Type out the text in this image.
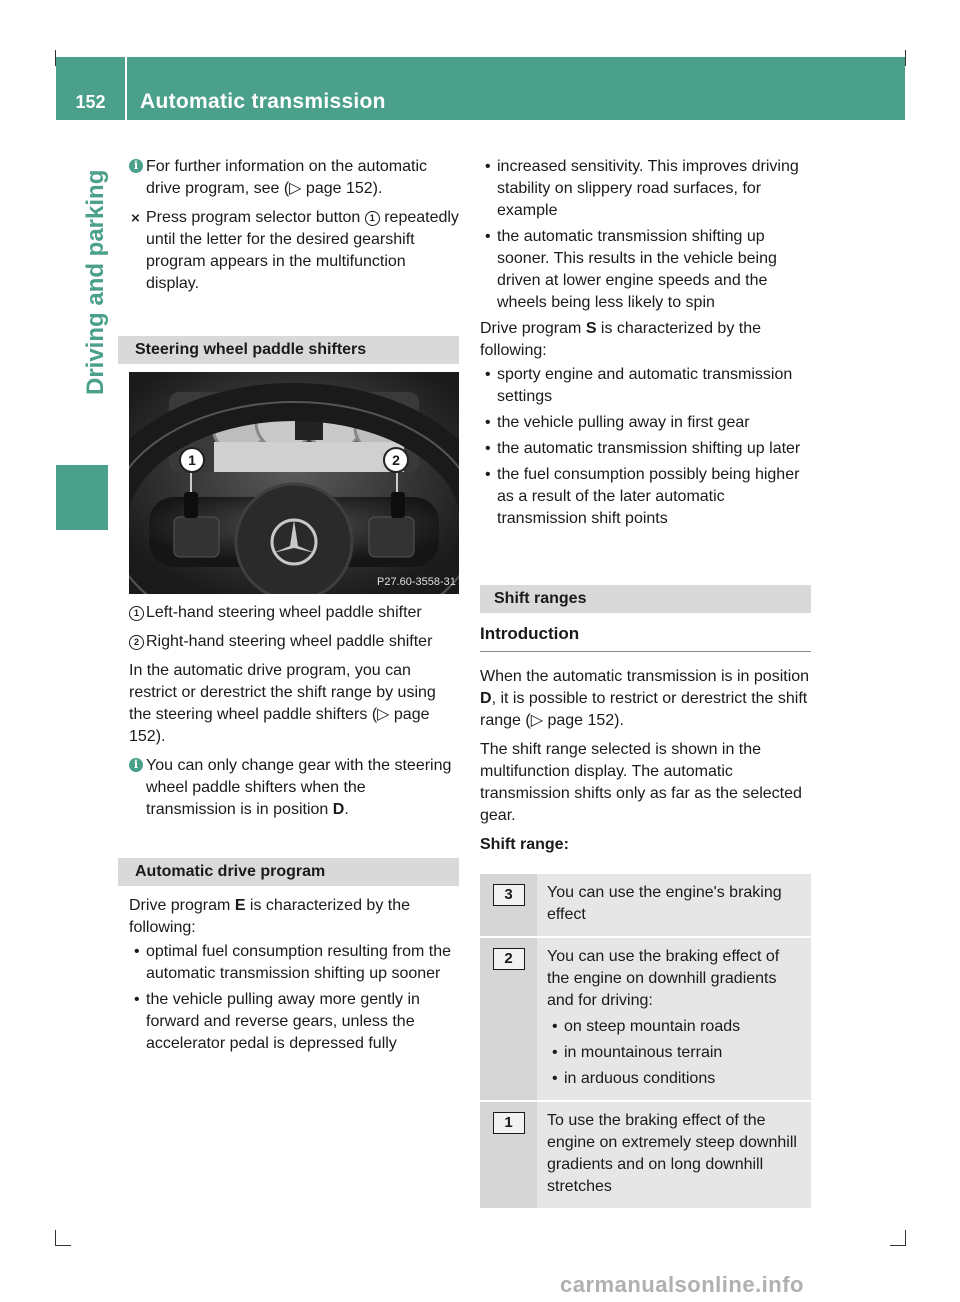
152	Automatic transmission
Driving and parking

i For further information on the automatic drive program, see (▷ page 152).

⨯ Press program selector button 1 repeatedly until the letter for the desired gearshift program appears in the multifunction display.

Steering wheel paddle shifters

1	2
P27.60-3558-31

1 Left-hand steering wheel paddle shifter

2 Right-hand steering wheel paddle shifter

In the automatic drive program, you can restrict or derestrict the shift range by using the steering wheel paddle shifters (▷ page 152).

i You can only change gear with the steering wheel paddle shifters when the transmission is in position D.

Automatic drive program

Drive program E is characterized by the following:

• optimal fuel consumption resulting from the automatic transmission shifting up sooner

• the vehicle pulling away more gently in forward and reverse gears, unless the accelerator pedal is depressed fully

• increased sensitivity. This improves driving stability on slippery road surfaces, for example

• the automatic transmission shifting up sooner. This results in the vehicle being driven at lower engine speeds and the wheels being less likely to spin

Drive program S is characterized by the following:

• sporty engine and automatic transmission settings

• the vehicle pulling away in first gear

• the automatic transmission shifting up later

• the fuel consumption possibly being higher as a result of the later automatic transmission shift points

Shift ranges

Introduction

When the automatic transmission is in position D, it is possible to restrict or derestrict the shift range (▷ page 152).

The shift range selected is shown in the multifunction display. The automatic transmission shifts only as far as the selected gear.

Shift range:

3	You can use the engine's braking effect

2	You can use the braking effect of the engine on downhill gradients and for driving:

• on steep mountain roads

• in mountainous terrain

• in arduous conditions

1	To use the braking effect of the engine on extremely steep downhill gradients and on long downhill stretches

carmanualsonline.info
